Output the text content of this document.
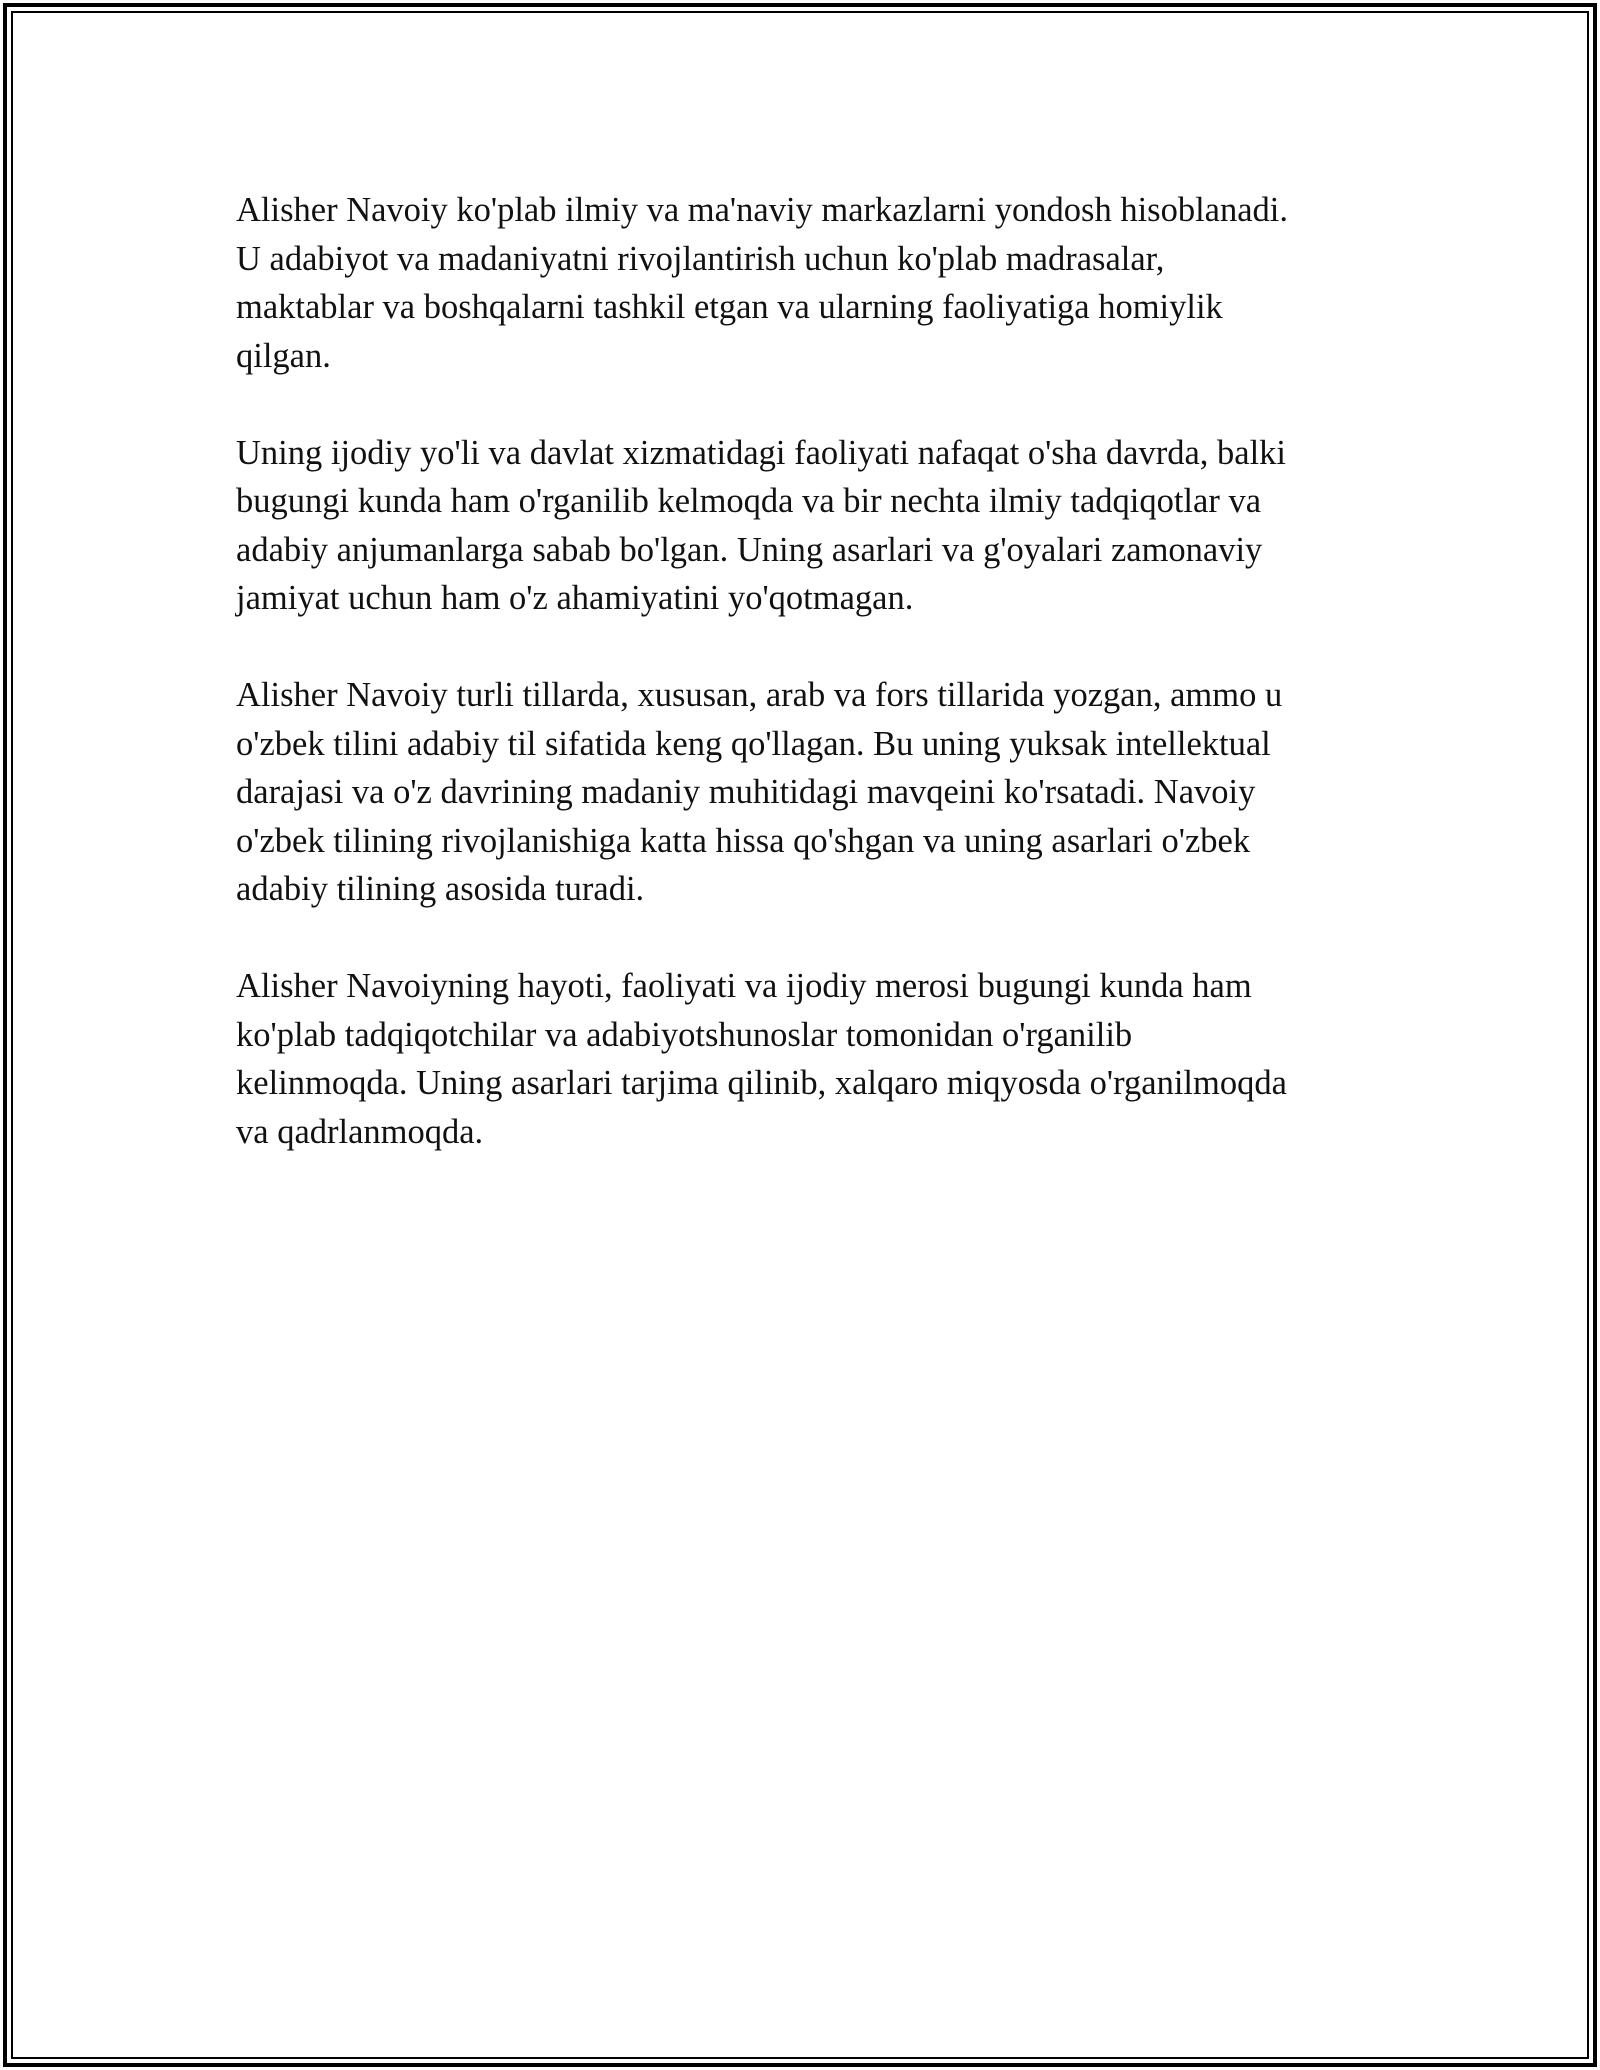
Alisher Navoiy ko'plab ilmiy va ma'naviy markazlarni yondosh hisoblanadi.
U adabiyot va madaniyatni rivojlantirish uchun ko'plab madrasalar,
maktablar va boshqalarni tashkil etgan va ularning faoliyatiga homiylik
qilgan.

Uning ijodiy yo'li va davlat xizmatidagi faoliyati nafaqat o'sha davrda, balki
bugungi kunda ham o'rganilib kelmoqda va bir nechta ilmiy tadqiqotlar va
adabiy anjumanlarga sabab bo'lgan. Uning asarlari va g'oyalari zamonaviy
jamiyat uchun ham o'z ahamiyatini yo'qotmagan.

Alisher Navoiy turli tillarda, xususan, arab va fors tillarida yozgan, ammo u
o'zbek tilini adabiy til sifatida keng qo'llagan. Bu uning yuksak intellektual
darajasi va o'z davrining madaniy muhitidagi mavqeini ko'rsatadi. Navoiy
o'zbek tilining rivojlanishiga katta hissa qo'shgan va uning asarlari o'zbek
adabiy tilining asosida turadi.

Alisher Navoiyning hayoti, faoliyati va ijodiy merosi bugungi kunda ham
ko'plab tadqiqotchilar va adabiyotshunoslar tomonidan o'rganilib
kelinmoqda. Uning asarlari tarjima qilinib, xalqaro miqyosda o'rganilmoqda
va qadrlanmoqda.
